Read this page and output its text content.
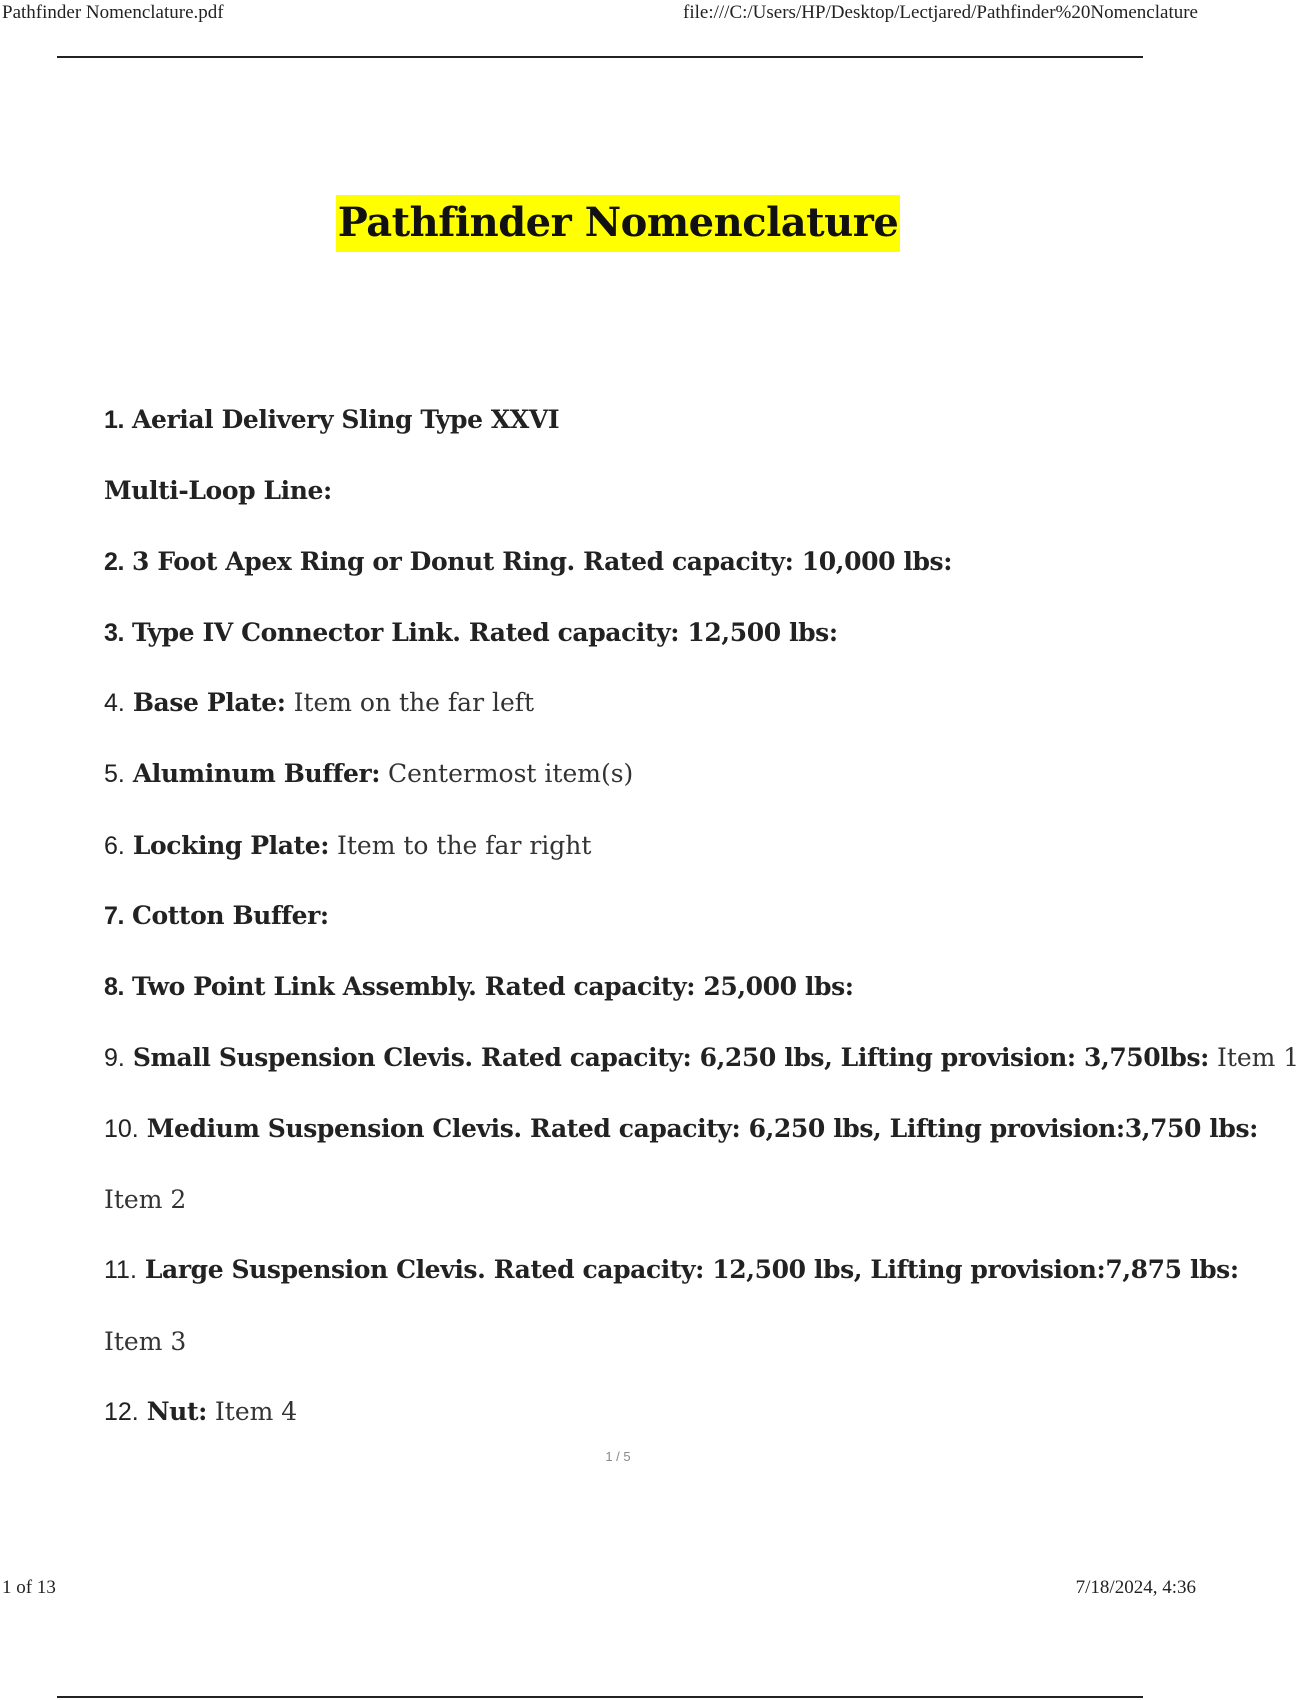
Pathfinder Nomenclature.pdf	file:///C:/Users/HP/Desktop/Lectjared/Pathfinder%20Nomenclature
Pathfinder Nomenclature
1. Aerial Delivery Sling Type XXVI
Multi-Loop Line:
2. 3 Foot Apex Ring or Donut Ring. Rated capacity: 10,000 lbs:
3. Type IV Connector Link. Rated capacity: 12,500 lbs:
4. Base Plate: Item on the far left
5. Aluminum Buffer: Centermost item(s)
6. Locking Plate: Item to the far right
7. Cotton Buffer:
8. Two Point Link Assembly. Rated capacity: 25,000 lbs:
9. Small Suspension Clevis. Rated capacity: 6,250 lbs, Lifting provision: 3,750lbs: Item 1
10. Medium Suspension Clevis. Rated capacity: 6,250 lbs, Lifting provision:3,750 lbs:
Item 2
11. Large Suspension Clevis. Rated capacity: 12,500 lbs, Lifting provision:7,875 lbs:
Item 3
12. Nut: Item 4
1 / 5
1 of 13	7/18/2024, 4:36
